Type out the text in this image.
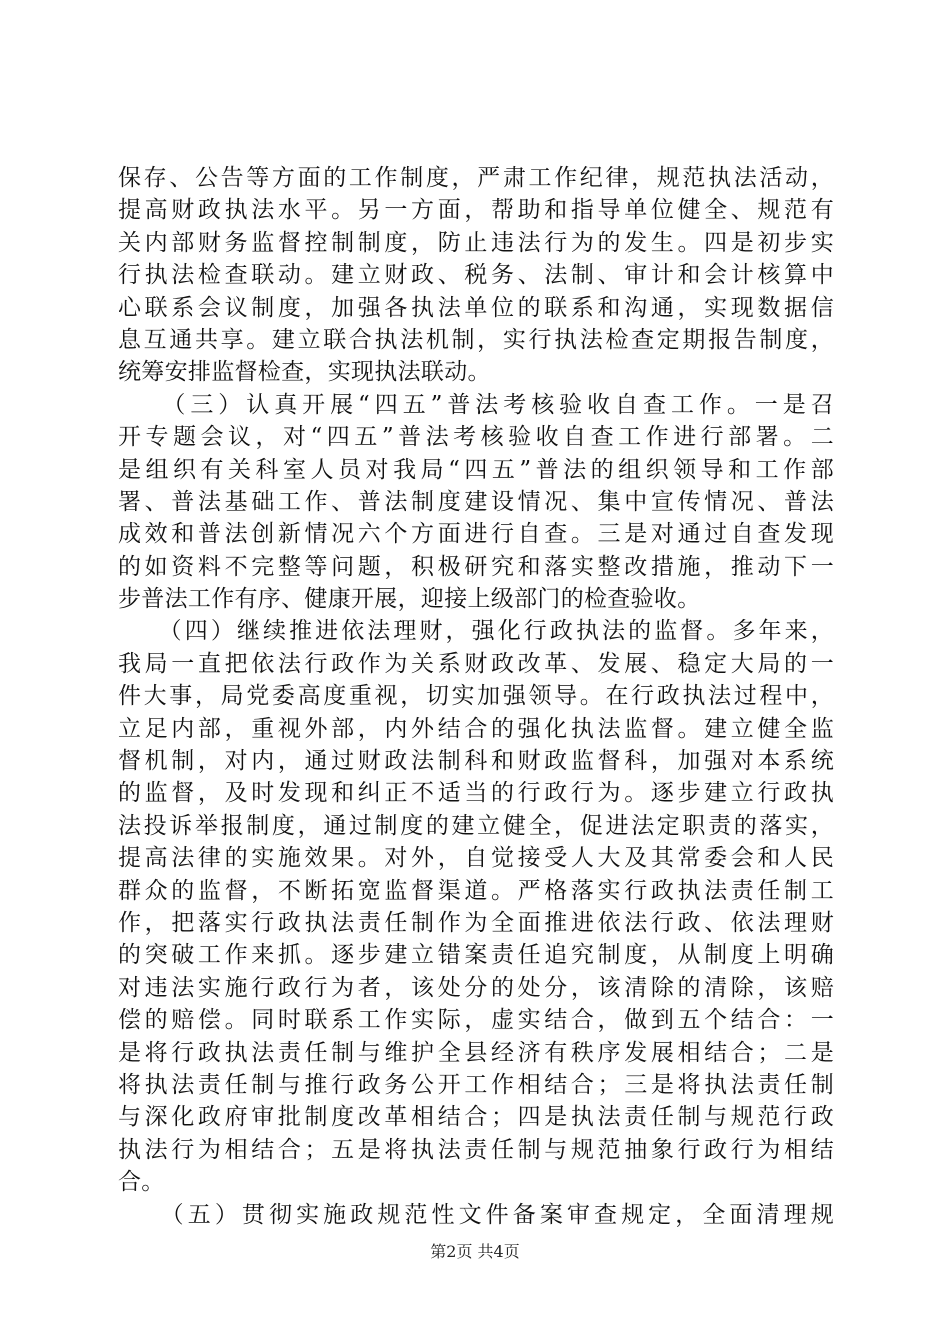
保存、公告等方面的工作制度，严肃工作纪律，规范执法活动，
提高财政执法水平。另一方面，帮助和指导单位健全、规范有
关内部财务监督控制制度，防止违法行为的发生。四是初步实
行执法检查联动。建立财政、税务、法制、审计和会计核算中
心联系会议制度，加强各执法单位的联系和沟通，实现数据信
息互通共享。建立联合执法机制，实行执法检查定期报告制度，
统筹安排监督检查，实现执法联动。
　　（三）认真开展“四五”普法考核验收自查工作。一是召
开专题会议，对“四五”普法考核验收自查工作进行部署。二
是组织有关科室人员对我局“四五”普法的组织领导和工作部
署、普法基础工作、普法制度建设情况、集中宣传情况、普法
成效和普法创新情况六个方面进行自查。三是对通过自查发现
的如资料不完整等问题，积极研究和落实整改措施，推动下一
步普法工作有序、健康开展，迎接上级部门的检查验收。
　　（四）继续推进依法理财，强化行政执法的监督。多年来，
我局一直把依法行政作为关系财政改革、发展、稳定大局的一
件大事，局党委高度重视，切实加强领导。在行政执法过程中，
立足内部，重视外部，内外结合的强化执法监督。建立健全监
督机制，对内，通过财政法制科和财政监督科，加强对本系统
的监督，及时发现和纠正不适当的行政行为。逐步建立行政执
法投诉举报制度，通过制度的建立健全，促进法定职责的落实，
提高法律的实施效果。对外，自觉接受人大及其常委会和人民
群众的监督，不断拓宽监督渠道。严格落实行政执法责任制工
作，把落实行政执法责任制作为全面推进依法行政、依法理财
的突破工作来抓。逐步建立错案责任追究制度，从制度上明确
对违法实施行政行为者，该处分的处分，该清除的清除，该赔
偿的赔偿。同时联系工作实际，虚实结合，做到五个结合：一
是将行政执法责任制与维护全县经济有秩序发展相结合；二是
将执法责任制与推行政务公开工作相结合；三是将执法责任制
与深化政府审批制度改革相结合；四是执法责任制与规范行政
执法行为相结合；五是将执法责任制与规范抽象行政行为相结
合。
　　（五）贯彻实施政规范性文件备案审查规定，全面清理规
第2页 共4页
